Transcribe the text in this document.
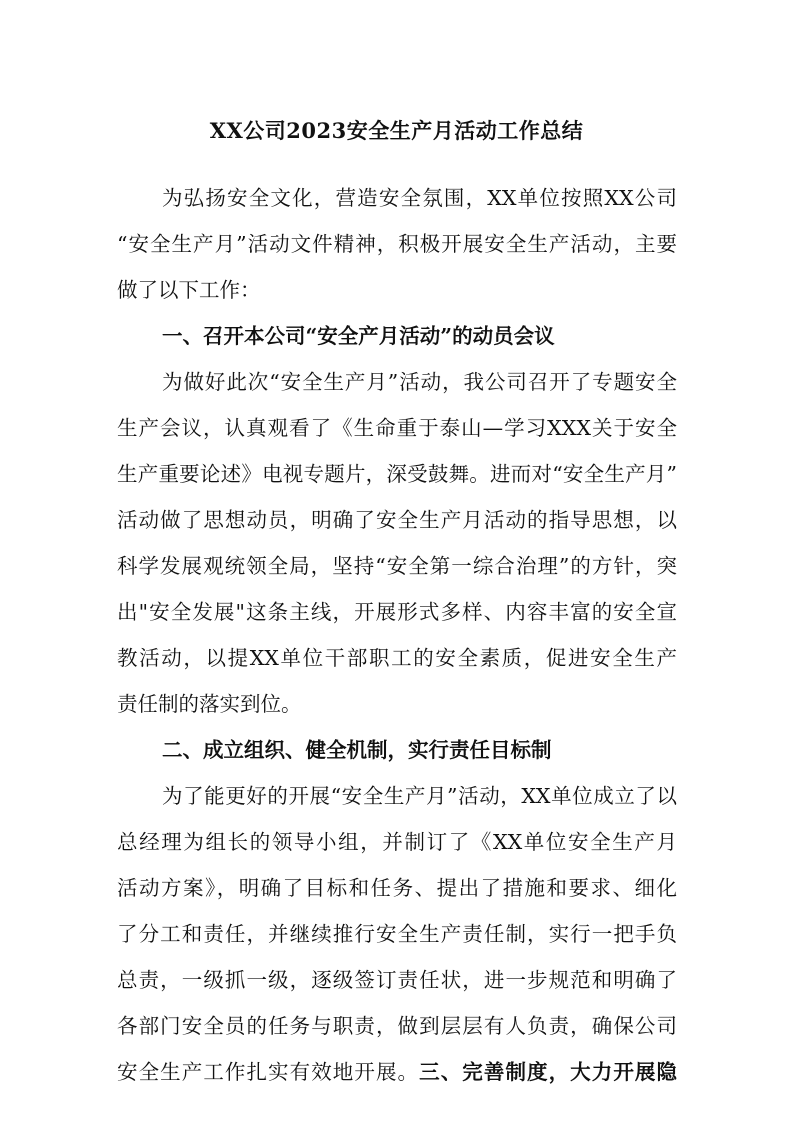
XX公司2023安全生产月活动工作总结
为弘扬安全文化，营造安全氛围，XX单位按照XX公司
“安全生产月”活动文件精神，积极开展安全生产活动，主要
做了以下工作：
一、召开本公司“安全产月活动”的动员会议
为做好此次“安全生产月”活动，我公司召开了专题安全
生产会议，认真观看了《生命重于泰山—学习XXX关于安全
生产重要论述》电视专题片，深受鼓舞。进而对“安全生产月”
活动做了思想动员，明确了安全生产月活动的指导思想，以
科学发展观统领全局，坚持“安全第一综合治理”的方针，突
出"安全发展"这条主线，开展形式多样、内容丰富的安全宣
教活动，以提XX单位干部职工的安全素质，促进安全生产
责任制的落实到位。
二、成立组织、健全机制，实行责任目标制
为了能更好的开展“安全生产月”活动，XX单位成立了以
总经理为组长的领导小组，并制订了《XX单位安全生产月
活动方案》，明确了目标和任务、提出了措施和要求、细化
了分工和责任，并继续推行安全生产责任制，实行一把手负
总责，一级抓一级，逐级签订责任状，进一步规范和明确了
各部门安全员的任务与职责，做到层层有人负责，确保公司
安全生产工作扎实有效地开展。三、完善制度，大力开展隐
